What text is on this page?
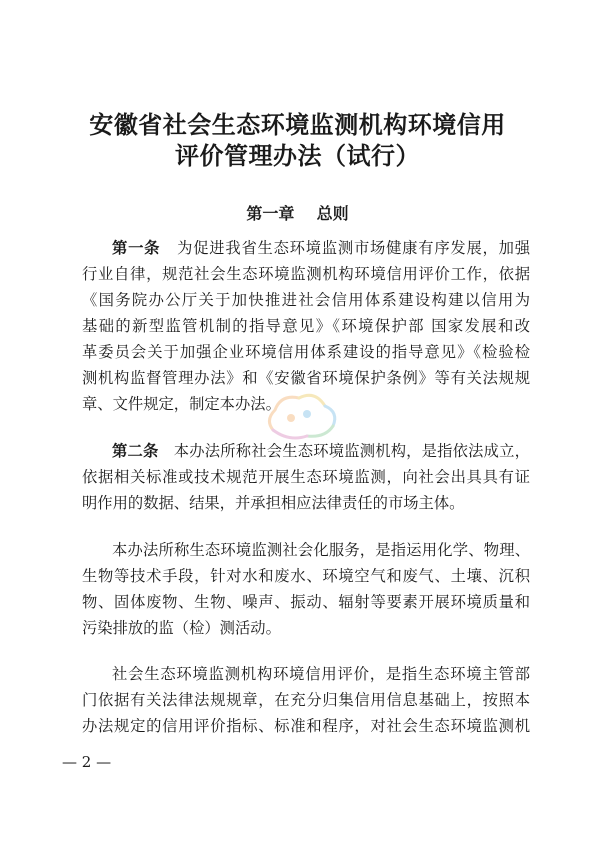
安徽省社会生态环境监测机构环境信用
评价管理办法（试行）
第一章    总则
第一条 为促进我省生态环境监测市场健康有序发展，加强
行业自律，规范社会生态环境监测机构环境信用评价工作，依据
《国务院办公厅关于加快推进社会信用体系建设构建以信用为
基础的新型监管机制的指导意见》《环境保护部 国家发展和改
革委员会关于加强企业环境信用体系建设的指导意见》《检验检
测机构监督管理办法》和《安徽省环境保护条例》等有关法规规
章、文件规定，制定本办法。
第二条 本办法所称社会生态环境监测机构，是指依法成立，
依据相关标准或技术规范开展生态环境监测，向社会出具具有证
明作用的数据、结果，并承担相应法律责任的市场主体。
本办法所称生态环境监测社会化服务，是指运用化学、物理、
生物等技术手段，针对水和废水、环境空气和废气、土壤、沉积
物、固体废物、生物、噪声、振动、辐射等要素开展环境质量和
污染排放的监（检）测活动。
社会生态环境监测机构环境信用评价，是指生态环境主管部
门依据有关法律法规规章，在充分归集信用信息基础上，按照本
办法规定的信用评价指标、标准和程序，对社会生态环境监测机
— 2 —
